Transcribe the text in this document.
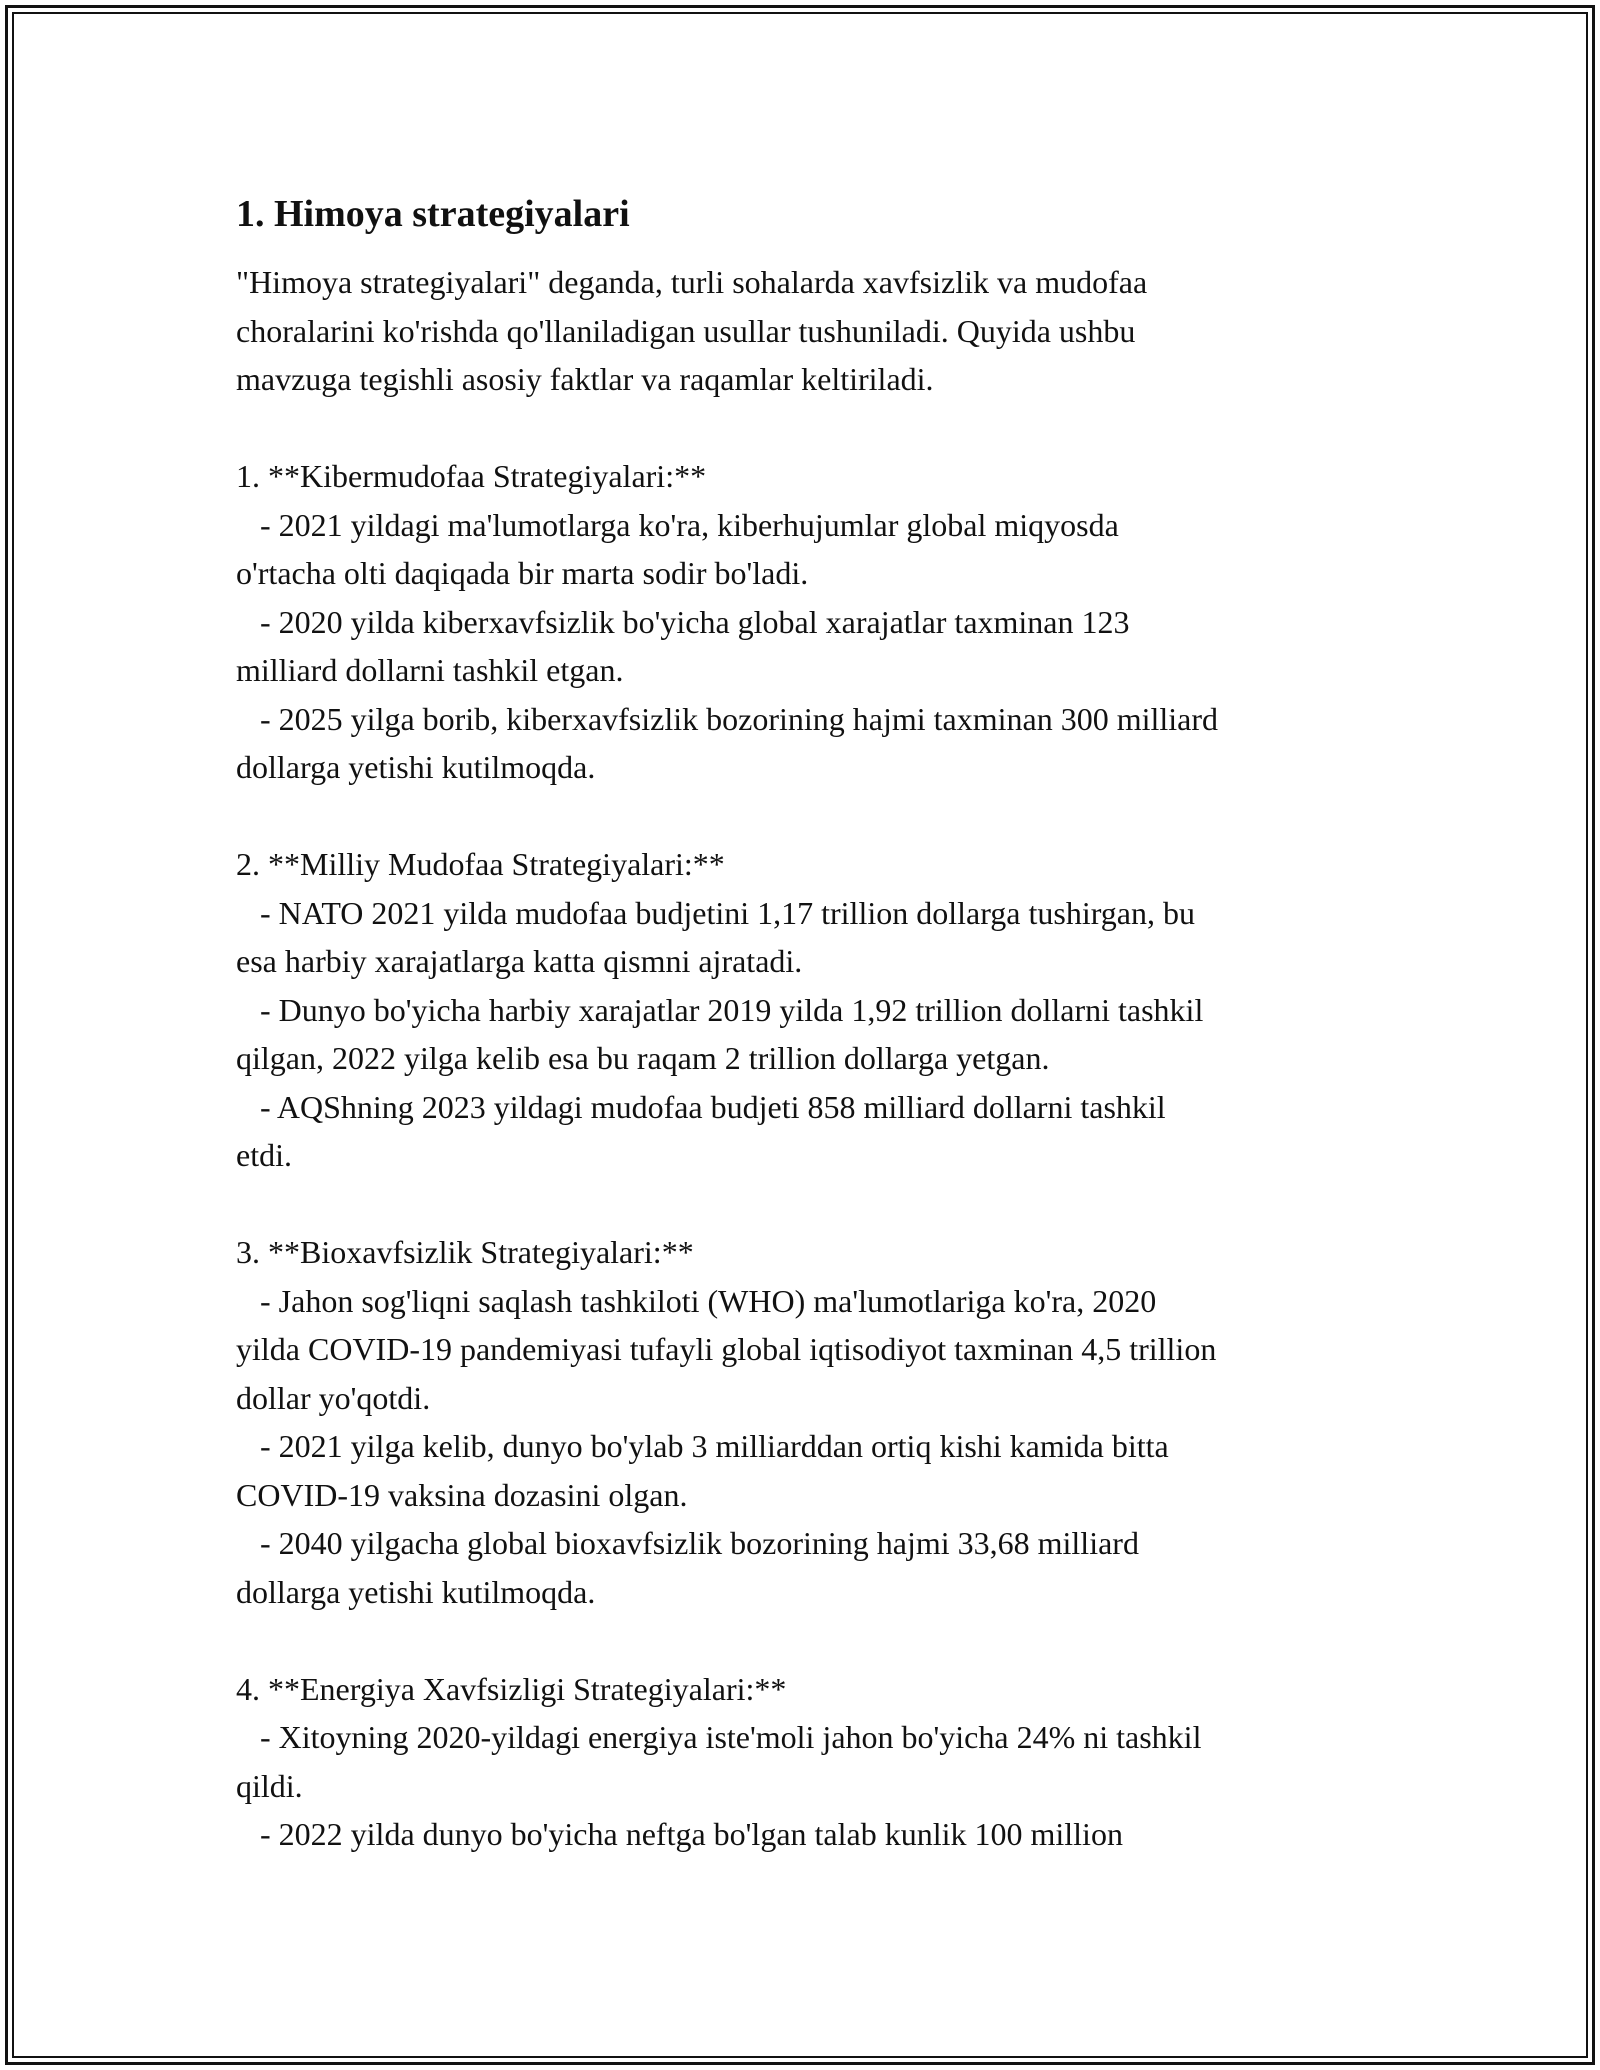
1. Himoya strategiyalari

"Himoya strategiyalari" deganda, turli sohalarda xavfsizlik va mudofaa
choralarini ko'rishda qo'llaniladigan usullar tushuniladi. Quyida ushbu
mavzuga tegishli asosiy faktlar va raqamlar keltiriladi.

1. **Kibermudofaa Strategiyalari:**

- 2021 yildagi ma'lumotlarga ko'ra, kiberhujumlar global miqyosda
o'rtacha olti daqiqada bir marta sodir bo'ladi.

- 2020 yilda kiberxavfsizlik bo'yicha global xarajatlar taxminan 123
milliard dollarni tashkil etgan.

- 2025 yilga borib, kiberxavfsizlik bozorining hajmi taxminan 300 milliard
dollarga yetishi kutilmoqda.

2. **Milliy Mudofaa Strategiyalari:**

- NATO 2021 yilda mudofaa budjetini 1,17 trillion dollarga tushirgan, bu
esa harbiy xarajatlarga katta qismni ajratadi.

- Dunyo bo'yicha harbiy xarajatlar 2019 yilda 1,92 trillion dollarni tashkil
qilgan, 2022 yilga kelib esa bu raqam 2 trillion dollarga yetgan.

- AQShning 2023 yildagi mudofaa budjeti 858 milliard dollarni tashkil
etdi.

3. **Bioxavfsizlik Strategiyalari:**

- Jahon sog'liqni saqlash tashkiloti (WHO) ma'lumotlariga ko'ra, 2020
yilda COVID-19 pandemiyasi tufayli global iqtisodiyot taxminan 4,5 trillion
dollar yo'qotdi.

- 2021 yilga kelib, dunyo bo'ylab 3 milliarddan ortiq kishi kamida bitta
COVID-19 vaksina dozasini olgan.

- 2040 yilgacha global bioxavfsizlik bozorining hajmi 33,68 milliard
dollarga yetishi kutilmoqda.

4. **Energiya Xavfsizligi Strategiyalari:**

- Xitoyning 2020-yildagi energiya iste'moli jahon bo'yicha 24% ni tashkil
qildi.

- 2022 yilda dunyo bo'yicha neftga bo'lgan talab kunlik 100 million
